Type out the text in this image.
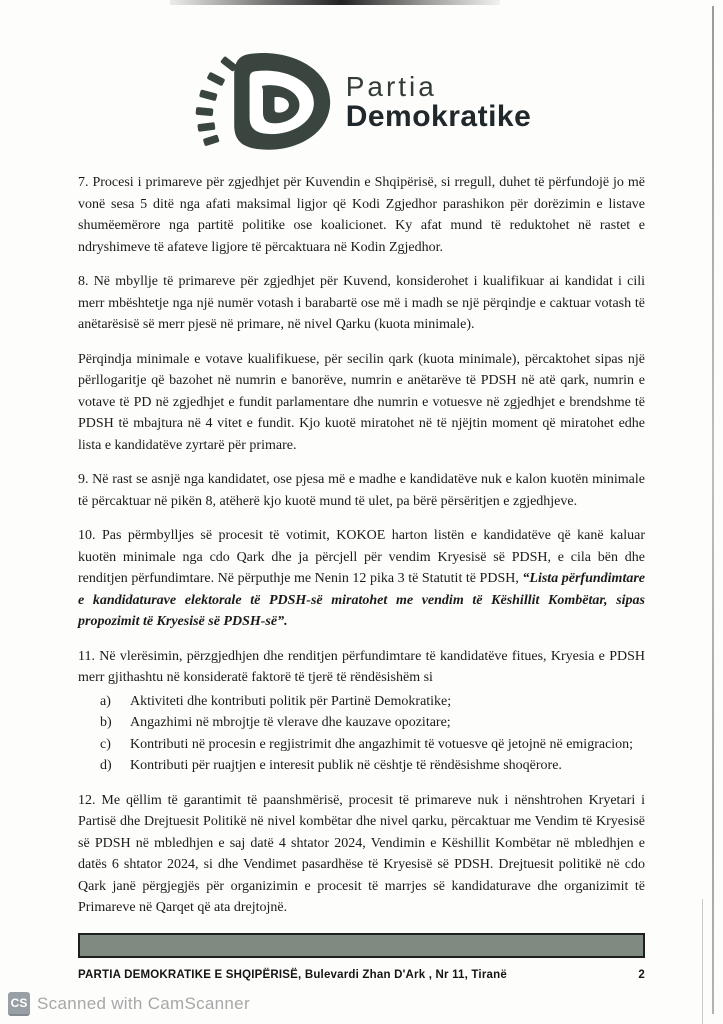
Partia
Demokratike

7. Procesi i primareve për zgjedhjet për Kuvendin e Shqipërisë, si rregull, duhet të përfundojë jo më vonë sesa 5 ditë nga afati maksimal ligjor që Kodi Zgjedhor parashikon për dorëzimin e listave shumëemërore nga partitë politike ose koalicionet. Ky afat mund të reduktohet në rastet e ndryshimeve të afateve ligjore të përcaktuara në Kodin Zgjedhor.

8. Në mbyllje të primareve për zgjedhjet për Kuvend, konsiderohet i kualifikuar ai kandidat i cili merr mbështetje nga një numër votash i barabartë ose më i madh se një përqindje e caktuar votash të anëtarësisë së merr pjesë në primare, në nivel Qarku (kuota minimale).

Përqindja minimale e votave kualifikuese, për secilin qark (kuota minimale), përcaktohet sipas një përllogaritje që bazohet në numrin e banorëve, numrin e anëtarëve të PDSH në atë qark, numrin e votave të PD në zgjedhjet e fundit parlamentare dhe numrin e votuesve në zgjedhjet e brendshme të PDSH të mbajtura në 4 vitet e fundit. Kjo kuotë miratohet në të njëjtin moment që miratohet edhe lista e kandidatëve zyrtarë për primare.

9. Në rast se asnjë nga kandidatet, ose pjesa më e madhe e kandidatëve nuk e kalon kuotën minimale të përcaktuar në pikën 8, atëherë kjo kuotë mund të ulet, pa bërë përsëritjen e zgjedhjeve.

10. Pas përmbylljes së procesit të votimit, KOKOE harton listën e kandidatëve që kanë kaluar kuotën minimale nga cdo Qark dhe ja përcjell për vendim Kryesisë së PDSH, e cila bën dhe renditjen përfundimtare. Në përputhje me Nenin 12 pika 3 të Statutit të PDSH, “Lista përfundimtare e kandidaturave elektorale të PDSH-së miratohet me vendim të Këshillit Kombëtar, sipas propozimit të Kryesisë së PDSH-së”.

11. Në vlerësimin, përzgjedhjen dhe renditjen përfundimtare të kandidatëve fitues, Kryesia e PDSH merr gjithashtu në konsideratë faktorë të tjerë të rëndësishëm si

a)	Aktiviteti dhe kontributi politik për Partinë Demokratike;
b)	Angazhimi në mbrojtje të vlerave dhe kauzave opozitare;
c)	Kontributi në procesin e regjistrimit dhe angazhimit të votuesve që jetojnë në emigracion;
d)	Kontributi për ruajtjen e interesit publik në cështje të rëndësishme shoqërore.

12. Me qëllim të garantimit të paanshmërisë, procesit të primareve nuk i nënshtrohen Kryetari i Partisë dhe Drejtuesit Politikë në nivel kombëtar dhe nivel qarku, përcaktuar me Vendim të Kryesisë së PDSH në mbledhjen e saj datë 4 shtator 2024, Vendimin e Këshillit Kombëtar në mbledhjen e datës 6 shtator 2024, si dhe Vendimet pasardhëse të Kryesisë së PDSH. Drejtuesit politikë në cdo Qark janë përgjegjës për organizimin e procesit të marrjes së kandidaturave dhe organizimit të Primareve në Qarqet që ata drejtojnë.

PARTIA DEMOKRATIKE E SHQIPËRISË, Bulevardi Zhan D'Ark , Nr 11, Tiranë	2
CS Scanned with CamScanner
